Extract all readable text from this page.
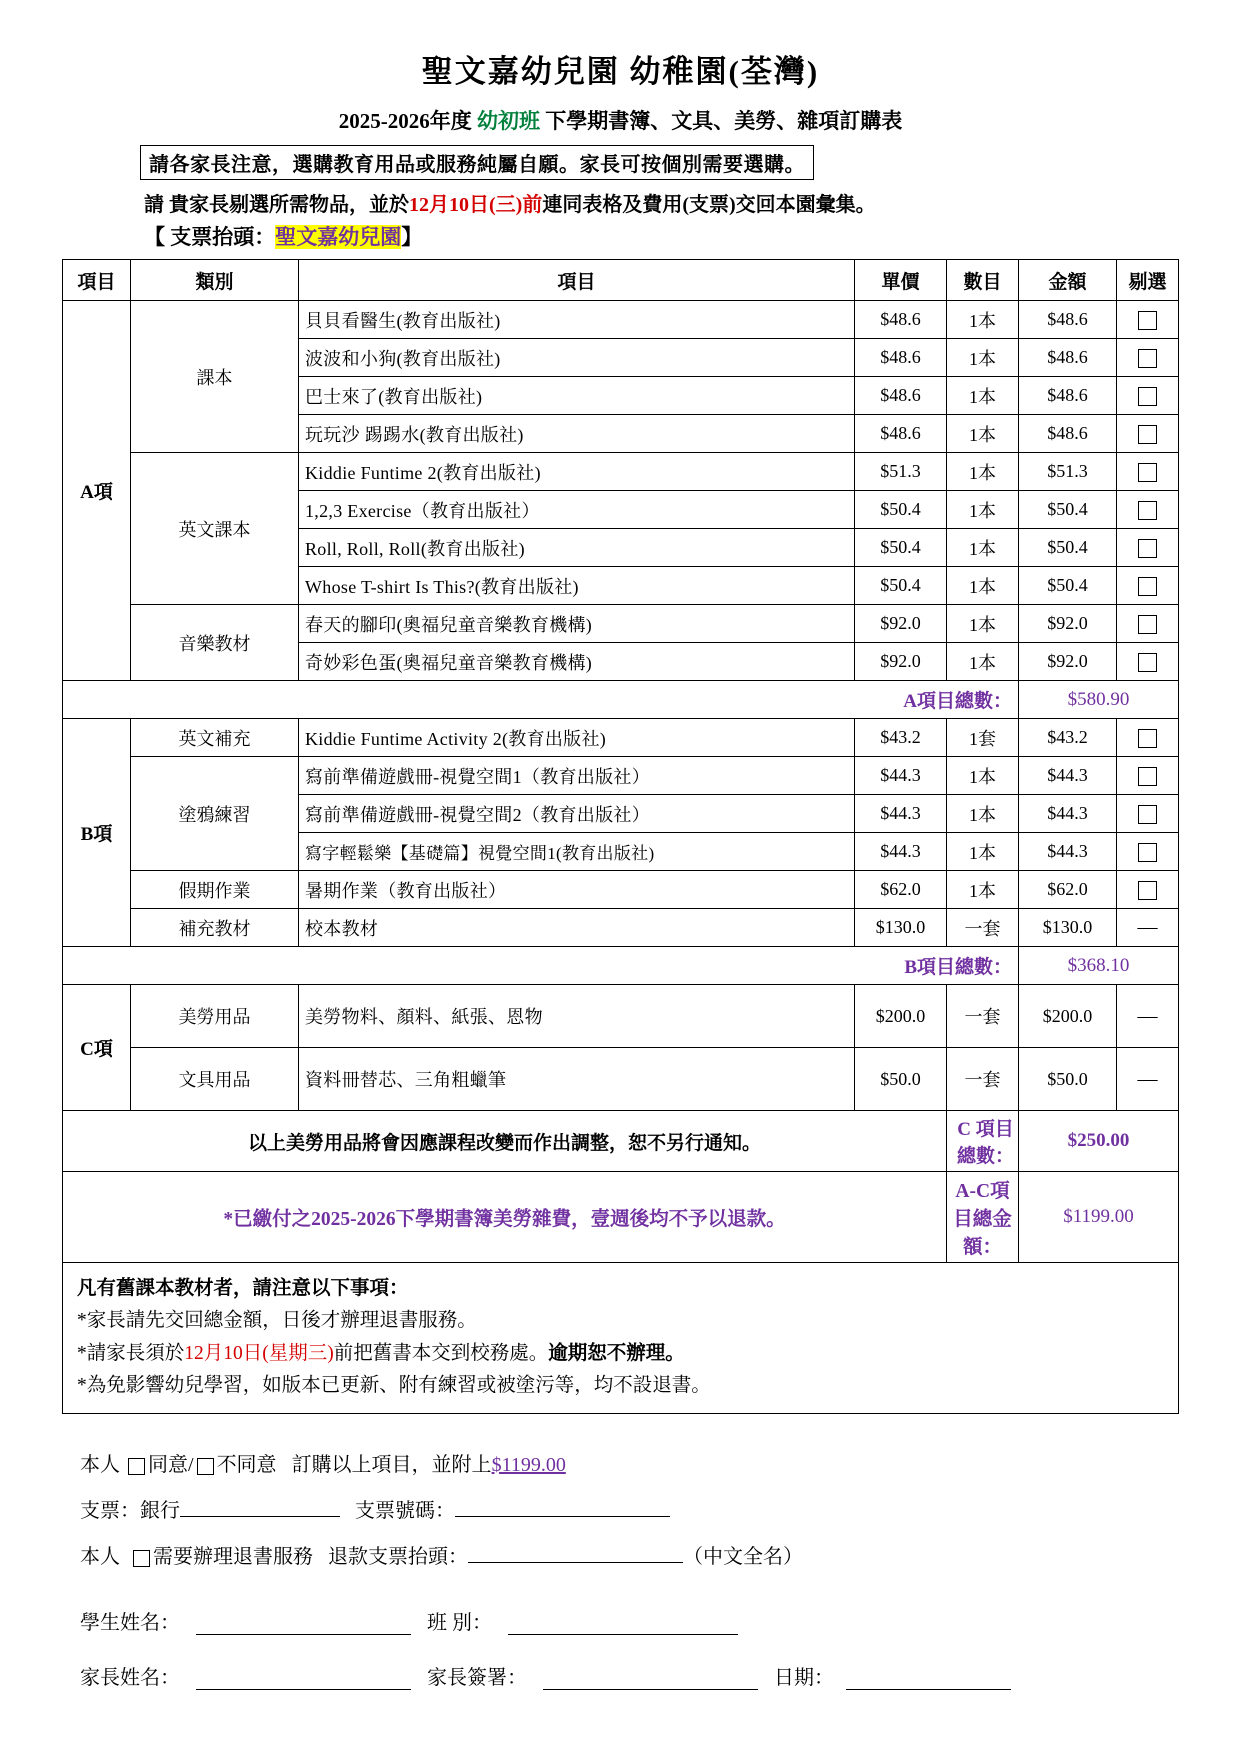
聖文嘉幼兒園 幼稚園(荃灣)
2025-2026年度 幼初班 下學期書簿、文具、美勞、雜項訂購表
請各家長注意，選購教育用品或服務純屬自願。家長可按個別需要選購。
請 貴家長剔選所需物品，並於12月10日(三)前連同表格及費用(支票)交回本園彙集。
【 支票抬頭：聖文嘉幼兒園】
項目	類別	項目	單價	數目	金額	剔選
A項	課本	貝貝看醫生(教育出版社)	$48.6	1本	$48.6	
		波波和小狗(教育出版社)	$48.6	1本	$48.6	
		巴士來了(教育出版社)	$48.6	1本	$48.6	
		玩玩沙 踢踢水(教育出版社)	$48.6	1本	$48.6	
	英文課本	Kiddie Funtime 2(教育出版社)	$51.3	1本	$51.3	
		1,2,3 Exercise（教育出版社）	$50.4	1本	$50.4	
		Roll, Roll, Roll(教育出版社)	$50.4	1本	$50.4	
		Whose T-shirt Is This?(教育出版社)	$50.4	1本	$50.4	
	音樂教材	春天的腳印(奧福兒童音樂教育機構)	$92.0	1本	$92.0	
		奇妙彩色蛋(奧福兒童音樂教育機構)	$92.0	1本	$92.0	
A項目總數：					$580.90	
B項	英文補充	Kiddie Funtime Activity 2(教育出版社)	$43.2	1套	$43.2	
	塗鴉練習	寫前準備遊戲冊-視覺空間1（教育出版社）	$44.3	1本	$44.3	
		寫前準備遊戲冊-視覺空間2（教育出版社）	$44.3	1本	$44.3	
		寫字輕鬆樂【基礎篇】視覺空間1(教育出版社)	$44.3	1本	$44.3	
	假期作業	暑期作業（教育出版社）	$62.0	1本	$62.0	
	補充教材	校本教材	$130.0	一套	$130.0	—
B項目總數：					$368.10	
C項	美勞用品	美勞物料、顏料、紙張、恩物	$200.0	一套	$200.0	—
	文具用品	資料冊替芯、三角粗蠟筆	$50.0	一套	$50.0	—
以上美勞用品將會因應課程改變而作出調整，恕不另行通知。				C 項目總數：	$250.00	
*已繳付之2025-2026下學期書簿美勞雜費，壹週後均不予以退款。				A-C項目總金額：	$1199.00	
凡有舊課本教材者，請注意以下事項：
*家長請先交回總金額，日後才辦理退書服務。
*請家長須於12月10日(星期三)前把舊書本交到校務處。逾期恕不辦理。
*為免影響幼兒學習，如版本已更新、附有練習或被塗污等，均不設退書。
本人 同意/ 不同意 訂購以上項目，並附上$1199.00
支票：銀行	支票號碼：
本人 需要辦理退書服務 退款支票抬頭：	（中文全名）
學生姓名：	班 別：
家長姓名：	家長簽署：	日期：
